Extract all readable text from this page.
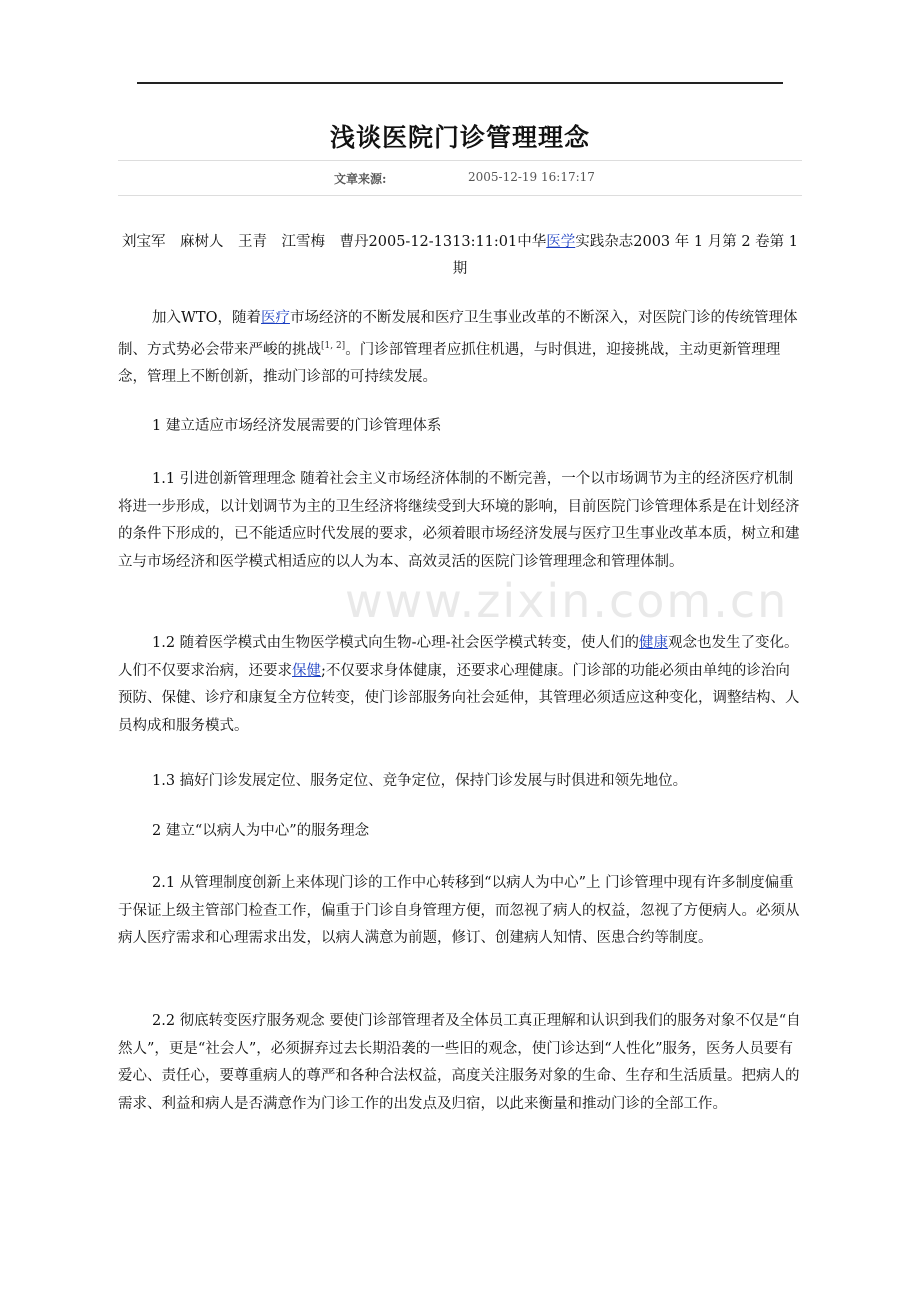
浅谈医院门诊管理理念
文章来源:	2005-12-19 16:17:17

刘宝军　麻树人　王青　江雪梅　曹丹2005-12-1313:11:01中华医学实践杂志2003 年 1 月第 2 卷第 1 期

加入WTO，随着医疗市场经济的不断发展和医疗卫生事业改革的不断深入，对医院门诊的传统管理体制、方式势必会带来严峻的挑战[1, 2]。门诊部管理者应抓住机遇，与时俱进，迎接挑战，主动更新管理理念，管理上不断创新，推动门诊部的可持续发展。

1 建立适应市场经济发展需要的门诊管理体系

1.1 引进创新管理理念 随着社会主义市场经济体制的不断完善，一个以市场调节为主的经济医疗机制将进一步形成，以计划调节为主的卫生经济将继续受到大环境的影响，目前医院门诊管理体系是在计划经济的条件下形成的，已不能适应时代发展的要求，必须着眼市场经济发展与医疗卫生事业改革本质，树立和建立与市场经济和医学模式相适应的以人为本、高效灵活的医院门诊管理理念和管理体制。

www.zixin.com.cn

1.2 随着医学模式由生物医学模式向生物-心理-社会医学模式转变，使人们的健康观念也发生了变化。人们不仅要求治病，还要求保健;不仅要求身体健康，还要求心理健康。门诊部的功能必须由单纯的诊治向预防、保健、诊疗和康复全方位转变，使门诊部服务向社会延伸，其管理必须适应这种变化，调整结构、人员构成和服务模式。

1.3 搞好门诊发展定位、服务定位、竞争定位，保持门诊发展与时俱进和领先地位。

2 建立“以病人为中心”的服务理念

2.1 从管理制度创新上来体现门诊的工作中心转移到“以病人为中心”上 门诊管理中现有许多制度偏重于保证上级主管部门检查工作，偏重于门诊自身管理方便，而忽视了病人的权益，忽视了方便病人。必须从病人医疗需求和心理需求出发，以病人满意为前题，修订、创建病人知情、医患合约等制度。

2.2 彻底转变医疗服务观念 要使门诊部管理者及全体员工真正理解和认识到我们的服务对象不仅是“自然人”，更是“社会人”，必须摒弃过去长期沿袭的一些旧的观念，使门诊达到“人性化”服务，医务人员要有爱心、责任心，要尊重病人的尊严和各种合法权益，高度关注服务对象的生命、生存和生活质量。把病人的需求、利益和病人是否满意作为门诊工作的出发点及归宿，以此来衡量和推动门诊的全部工作。
